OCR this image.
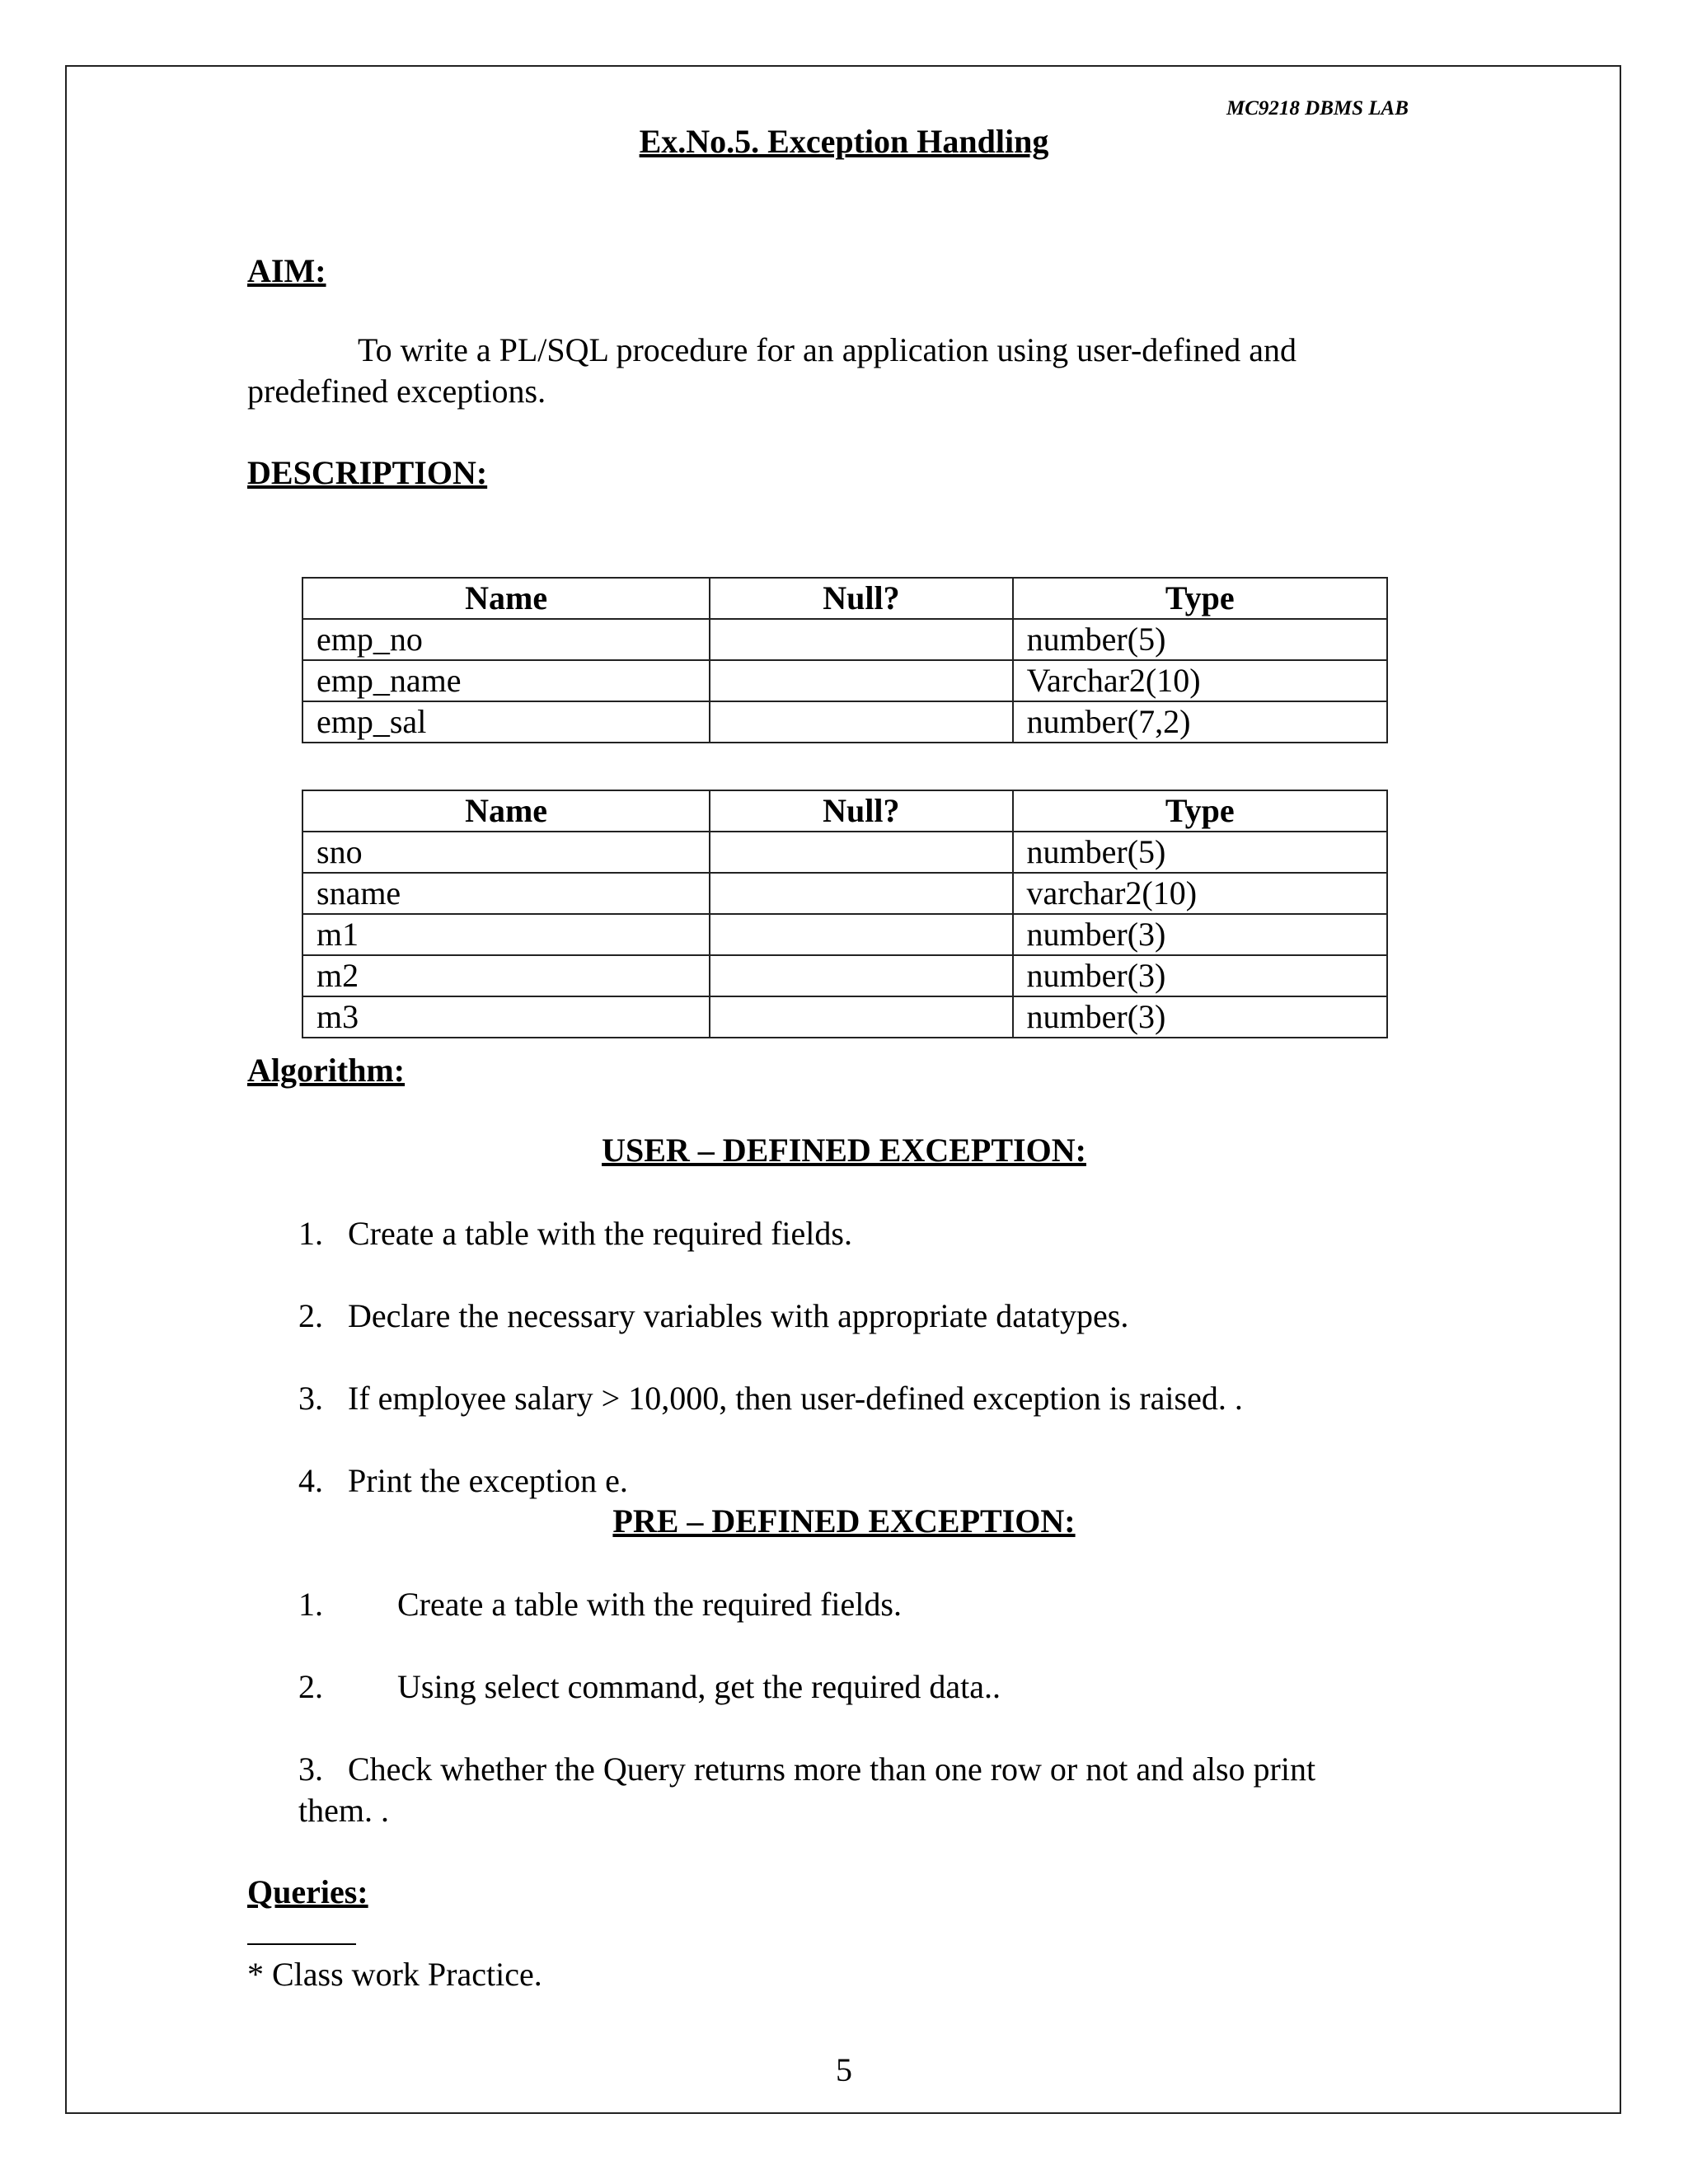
MC9218 DBMS LAB
Ex.No.5. Exception Handling
AIM:
To write a PL/SQL procedure for an application using user-defined and
predefined exceptions.
DESCRIPTION:
Name	Null?	Type
emp_no		number(5)
emp_name		Varchar2(10)
emp_sal		number(7,2)
Name	Null?	Type
sno		number(5)
sname		varchar2(10)
m1		number(3)
m2		number(3)
m3		number(3)
Algorithm:
USER – DEFINED EXCEPTION:
1. Create a table with the required fields.
2. Declare the necessary variables with appropriate datatypes.
3. If employee salary > 10,000, then user-defined exception is raised. .
4. Print the exception e.
PRE – DEFINED EXCEPTION:
1. Create a table with the required fields.
2. Using select command, get the required data..
3. Check whether the Query returns more than one row or not and also print
them. .
Queries:
* Class work Practice.
5
